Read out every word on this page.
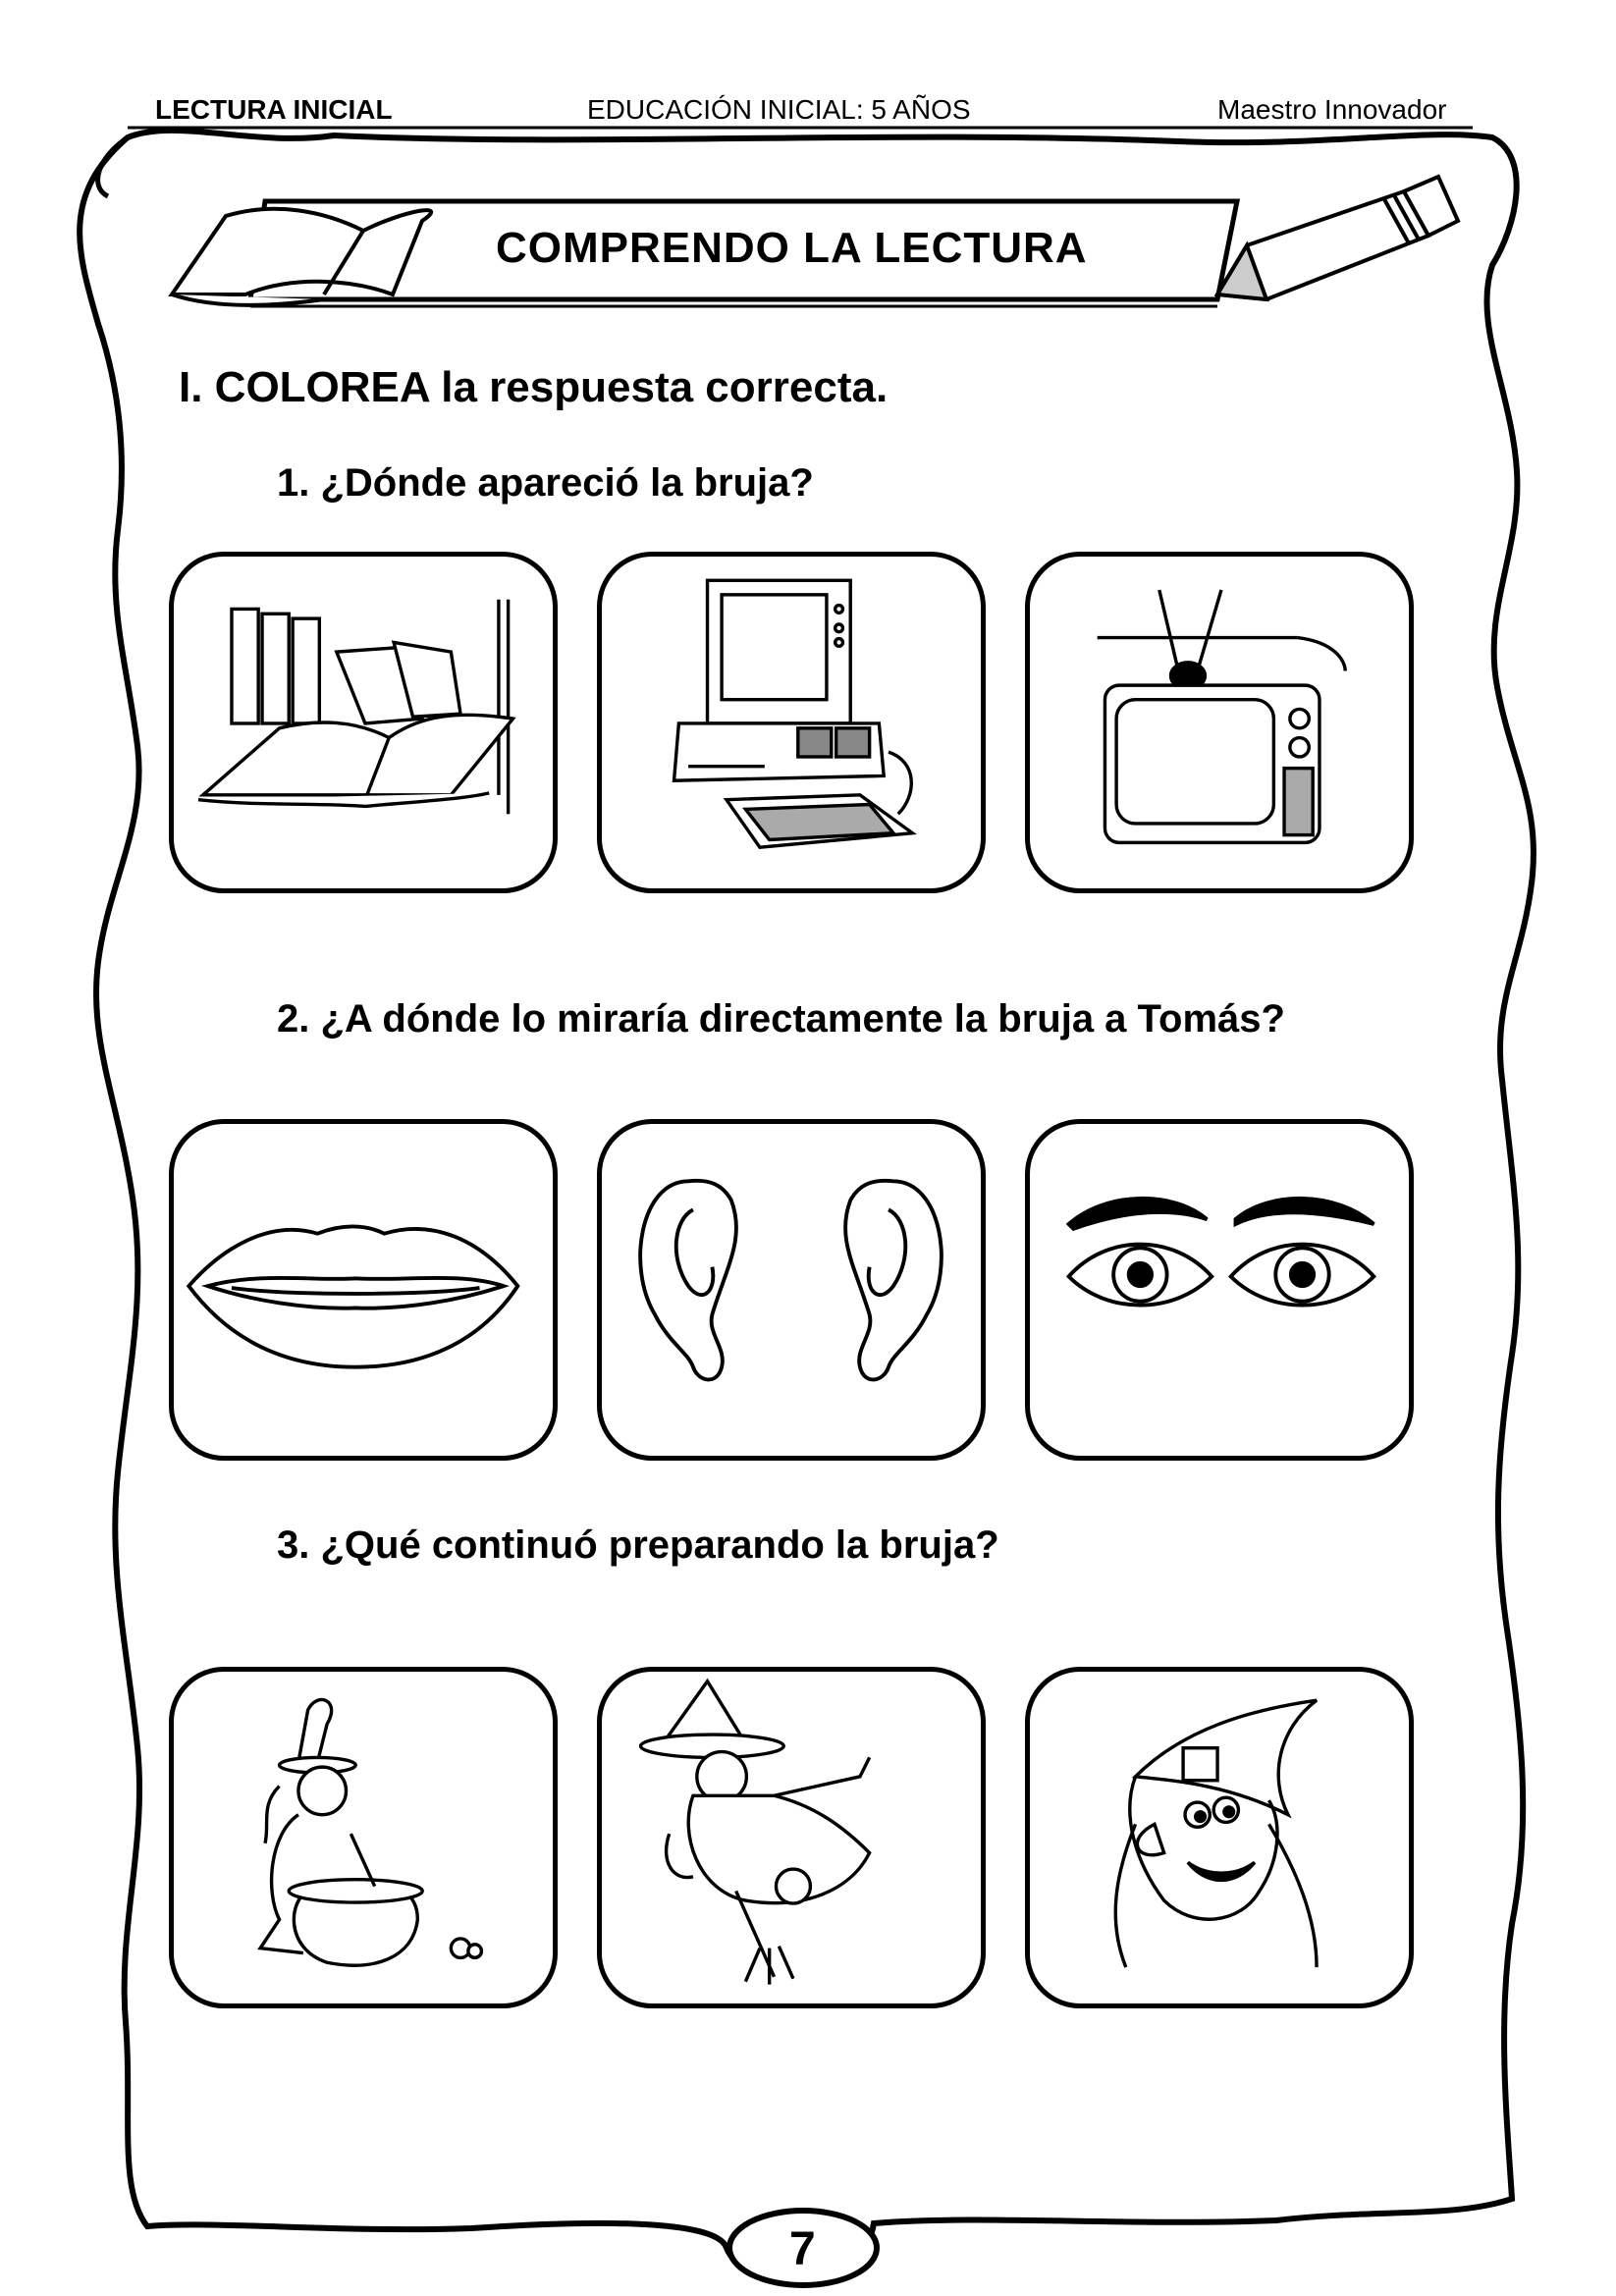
LECTURA INICIAL	EDUCACIÓN INICIAL: 5 AÑOS	Maestro Innovador
COMPRENDO LA LECTURA
I. COLOREA la respuesta correcta.
1. ¿Dónde apareció la bruja?
2. ¿A dónde lo miraría directamente la bruja a Tomás?
3. ¿Qué continuó preparando la bruja?
7
